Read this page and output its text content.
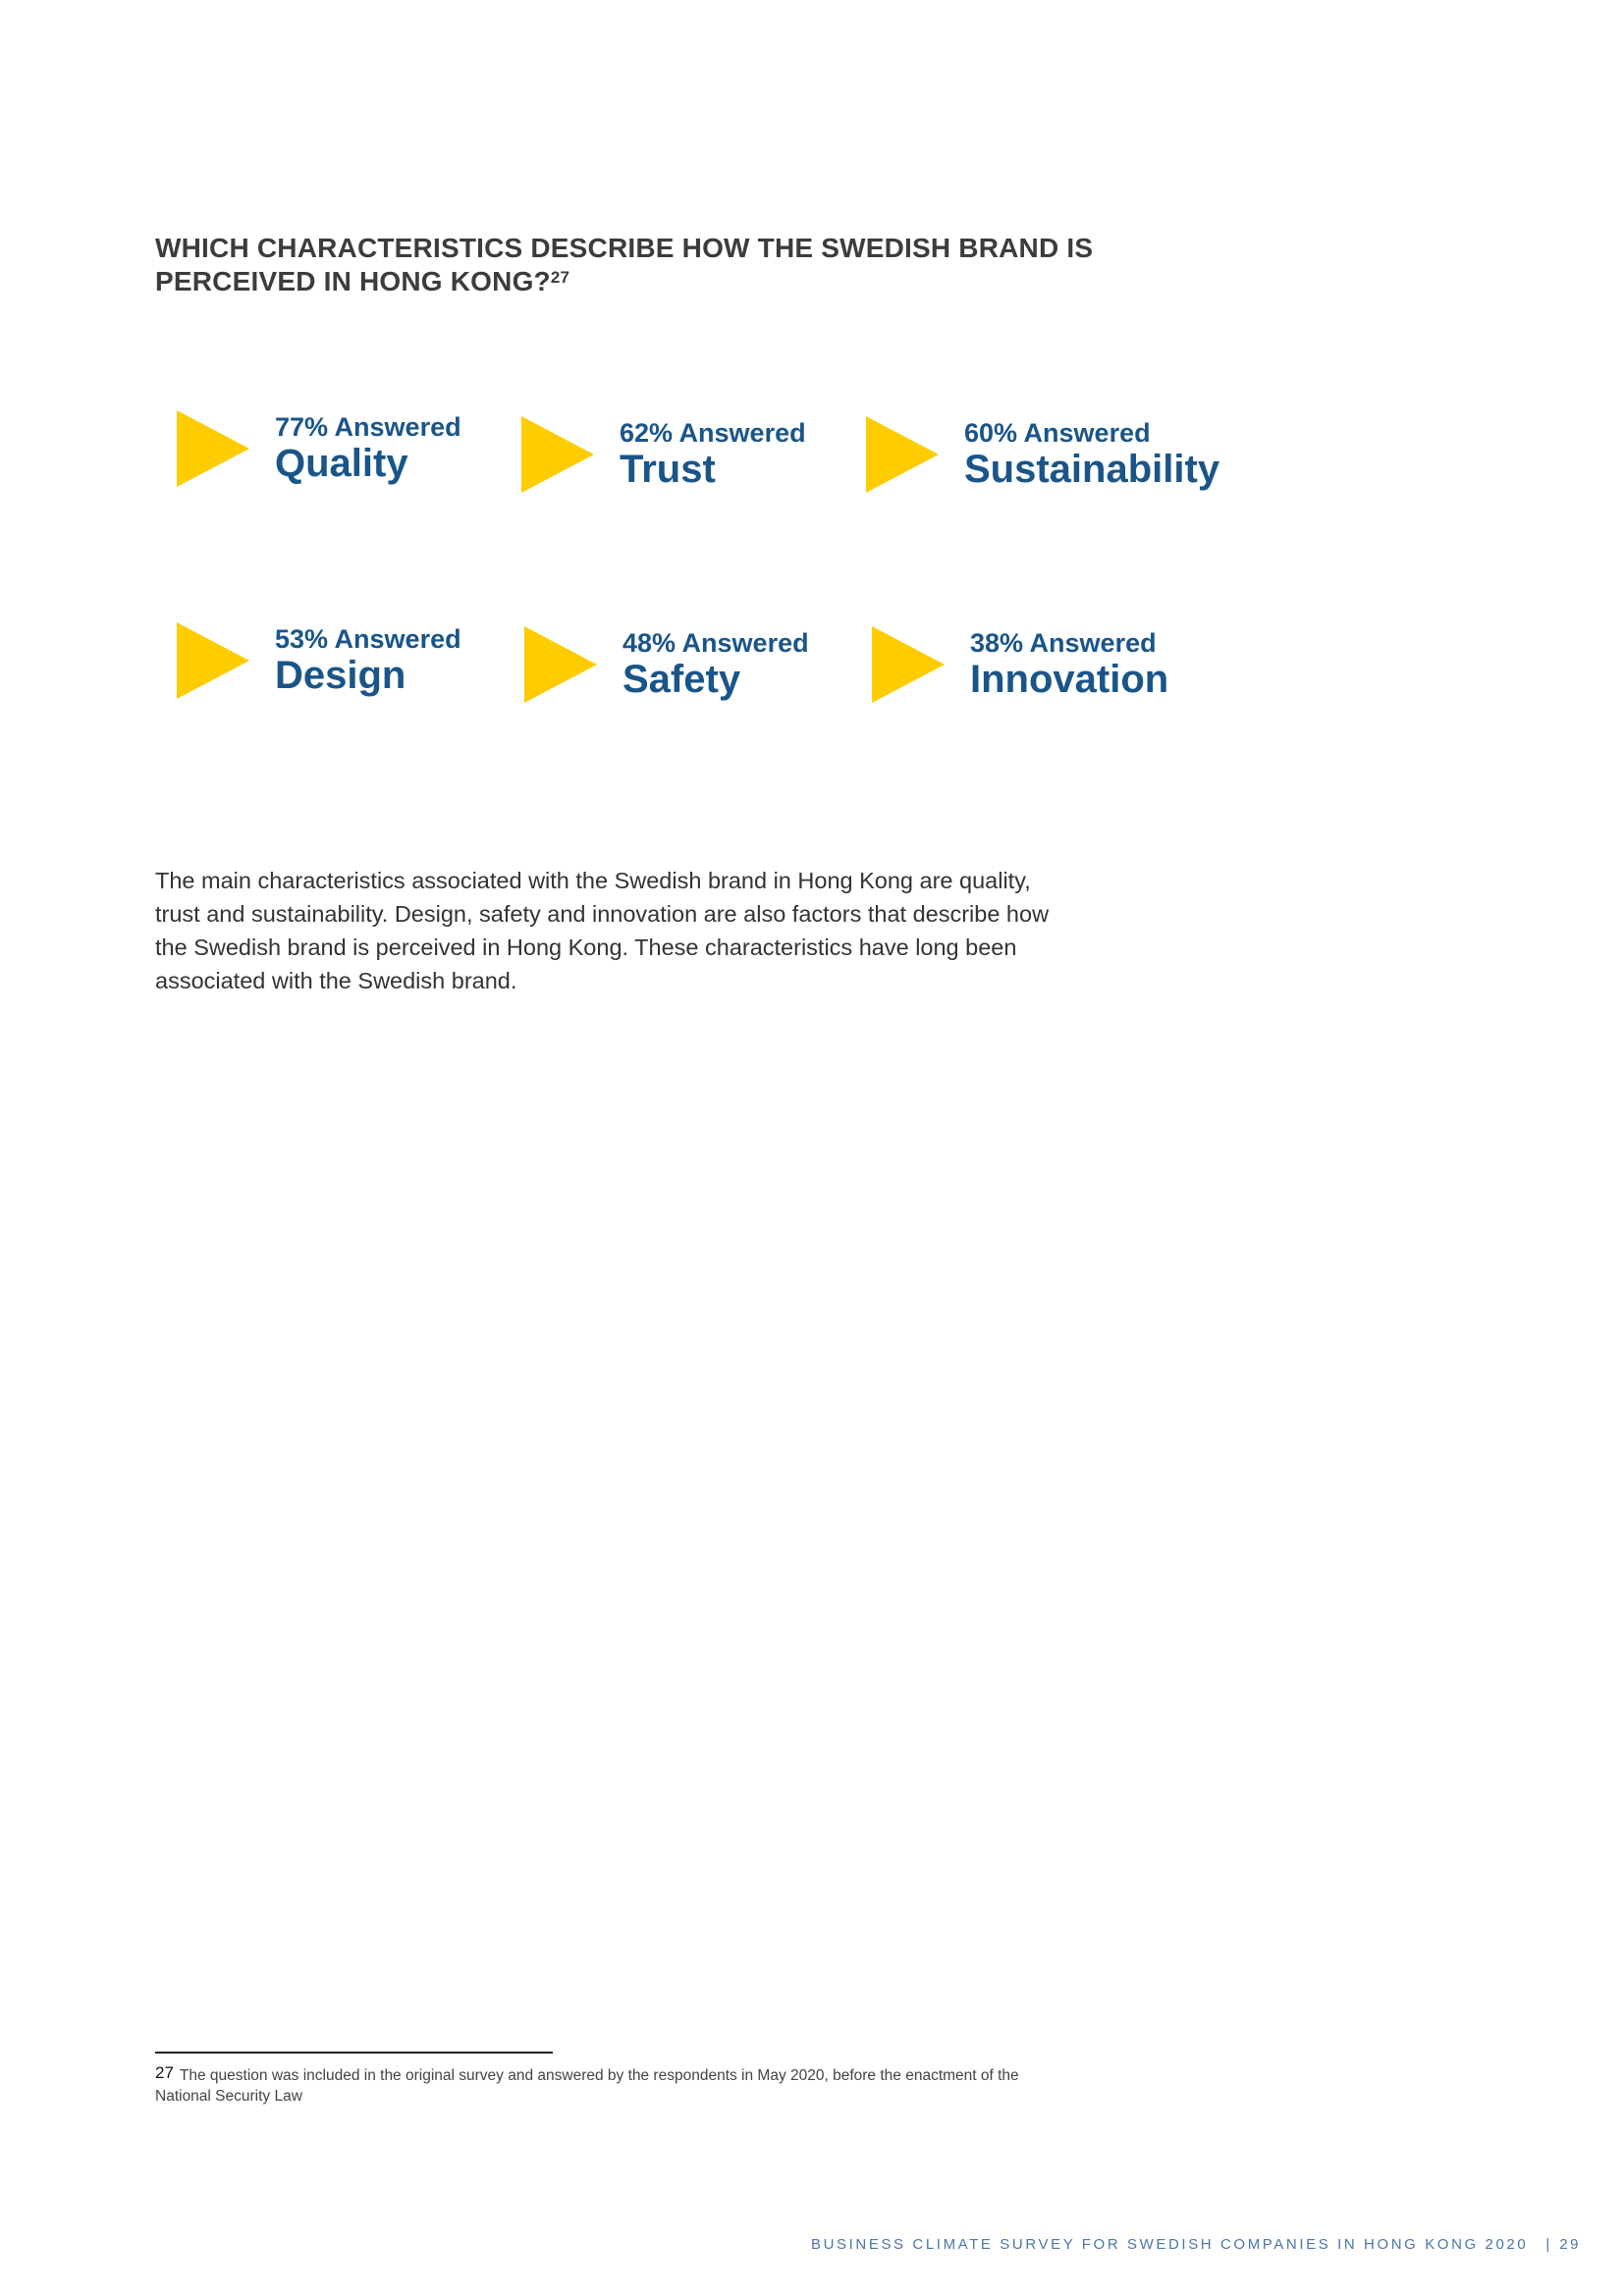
WHICH CHARACTERISTICS DESCRIBE HOW THE SWEDISH BRAND IS
PERCEIVED IN HONG KONG?$^{27}$
77% Answered
Quality
62% Answered
Trust
60% Answered
Sustainability
53% Answered
Design
48% Answered
Safety
38% Answered
Innovation
The main characteristics associated with the Swedish brand in Hong Kong are quality,
trust and sustainability. Design, safety and innovation are also factors that describe how
the Swedish brand is perceived in Hong Kong. These characteristics have long been
associated with the Swedish brand.
27 The question was included in the original survey and answered by the respondents in May 2020, before the enactment of the
National Security Law
BUSINESS CLIMATE SURVEY FOR SWEDISH COMPANIES IN HONG KONG 2020 | 29
